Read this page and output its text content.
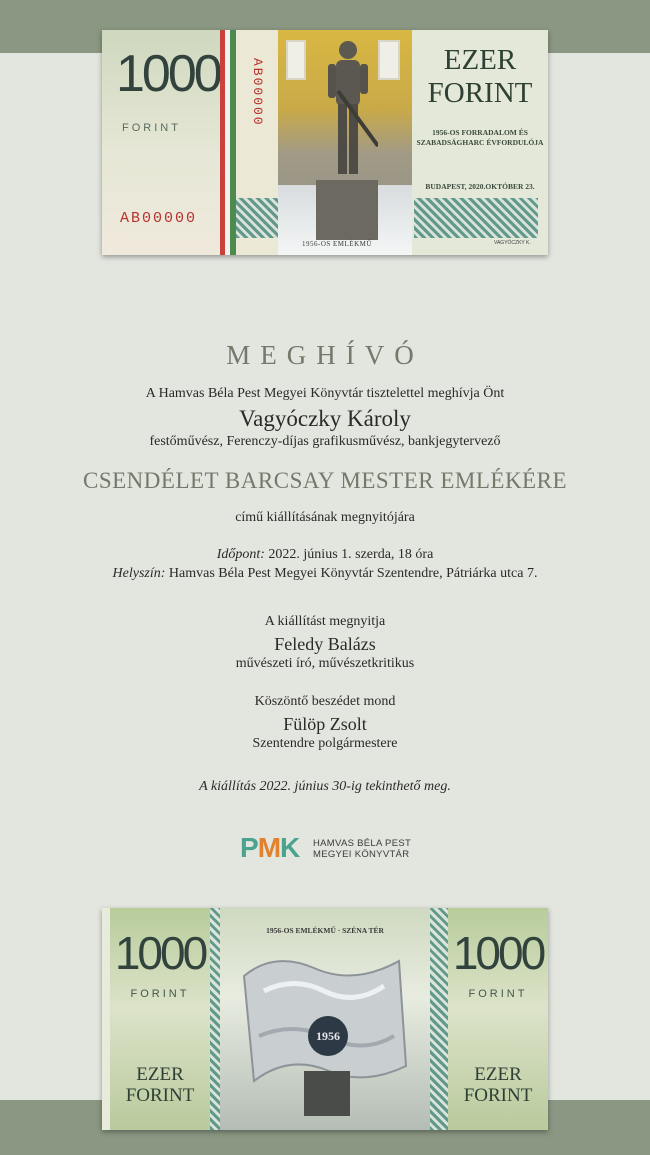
1000
FORINT
AB00000
AB00000
1956-OS EMLÉKMŰ
EZER FORINT
1956-OS FORRADALOM ÉS SZABADSÁGHARC ÉVFORDULÓJA
BUDAPEST, 2020.OKTÓBER 23.
VAGYÓCZKY K.
MEGHÍVÓ
A Hamvas Béla Pest Megyei Könyvtár tisztelettel meghívja Önt
Vagyóczky Károly
festőművész, Ferenczy-díjas grafikusművész, bankjegytervező
CSENDÉLET BARCSAY MESTER EMLÉKÉRE
című kiállításának megnyitójára
Időpont: 2022. június 1. szerda, 18 óra
Helyszín: Hamvas Béla Pest Megyei Könyvtár Szentendre, Pátriárka utca 7.
A kiállítást megnyitja
Feledy Balázs
művészeti író, művészetkritikus
Köszöntő beszédet mond
Fülöp Zsolt
Szentendre polgármestere
A kiállítás 2022. június 30-ig tekinthető meg.
PMK HAMVAS BÉLA PEST
MEGYEI KÖNYVTÁR
1000
FORINT
EZER
FORINT
1956-OS EMLÉKMŰ · SZÉNA TÉR
1956
1000
FORINT
EZER
FORINT
